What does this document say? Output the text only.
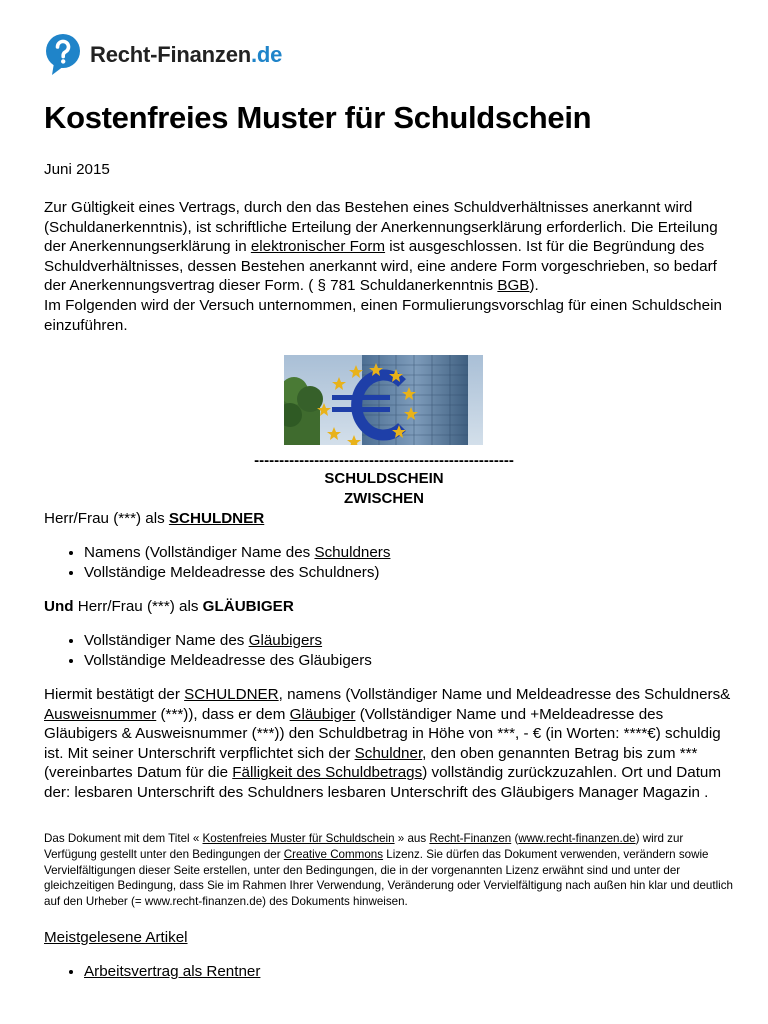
Recht-Finanzen.de
Kostenfreies Muster für Schuldschein
Juni 2015
Zur Gültigkeit eines Vertrags, durch den das Bestehen eines Schuldverhältnisses anerkannt wird (Schuldanerkenntnis), ist schriftliche Erteilung der Anerkennungserklärung erforderlich. Die Erteilung der Anerkennungserklärung in elektronischer Form ist ausgeschlossen. Ist für die Begründung des Schuldverhältnisses, dessen Bestehen anerkannt wird, eine andere Form vorgeschrieben, so bedarf der Anerkennungsvertrag dieser Form. ( § 781 Schuldanerkenntnis BGB).
Im Folgenden wird der Versuch unternommen, einen Formulierungsvorschlag für einen Schuldschein einzuführen.
----------------------------------------------------
SCHULDSCHEIN
ZWISCHEN
Herr/Frau (***) als SCHULDNER
• Namens (Vollständiger Name des Schuldners
• Vollständige Meldeadresse des Schuldners)
Und Herr/Frau (***) als GLÄUBIGER
• Vollständiger Name des Gläubigers
• Vollständige Meldeadresse des Gläubigers
Hiermit bestätigt der SCHULDNER, namens (Vollständiger Name und Meldeadresse des Schuldners& Ausweisnummer (***)), dass er dem Gläubiger (Vollständiger Name und +Meldeadresse des Gläubigers & Ausweisnummer (***)) den Schuldbetrag in Höhe von ***, - € (in Worten: ****€) schuldig ist. Mit seiner Unterschrift verpflichtet sich der Schuldner, den oben genannten Betrag bis zum ***(vereinbartes Datum für die Fälligkeit des Schuldbetrags) vollständig zurückzuzahlen. Ort und Datum der: lesbaren Unterschrift des Schuldners lesbaren Unterschrift des Gläubigers Manager Magazin .
Das Dokument mit dem Titel « Kostenfreies Muster für Schuldschein » aus Recht-Finanzen (www.recht-finanzen.de) wird zur Verfügung gestellt unter den Bedingungen der Creative Commons Lizenz. Sie dürfen das Dokument verwenden, verändern sowie Vervielfältigungen dieser Seite erstellen, unter den Bedingungen, die in der vorgenannten Lizenz erwähnt sind und unter der gleichzeitigen Bedingung, dass Sie im Rahmen Ihrer Verwendung, Veränderung oder Vervielfältigung nach außen hin klar und deutlich auf den Urheber (= www.recht-finanzen.de) des Dokuments hinweisen.
Meistgelesene Artikel
• Arbeitsvertrag als Rentner
